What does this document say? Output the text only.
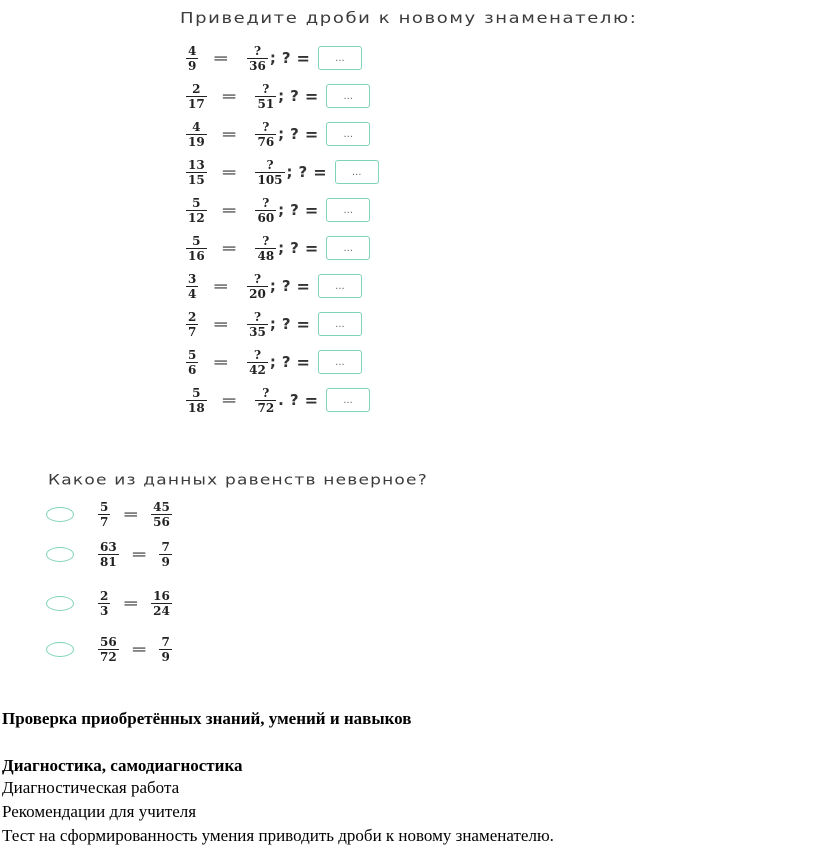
Приведите дроби к новому знаменателю:
$\frac{4}{9} = \frac{?}{36}$ ; ? =	...
$\frac{2}{17} = \frac{?}{51}$ ; ? =	...
$\frac{4}{19} = \frac{?}{76}$ ; ? =	...
$\frac{13}{15} = \frac{?}{105}$ ; ? =	...
$\frac{5}{12} = \frac{?}{60}$ ; ? =	...
$\frac{5}{16} = \frac{?}{48}$ ; ? =	...
$\frac{3}{4} = \frac{?}{20}$ ; ? =	...
$\frac{2}{7} = \frac{?}{35}$ ; ? =	...
$\frac{5}{6} = \frac{?}{42}$ ; ? =	...
$\frac{5}{18} = \frac{?}{72}$ . ? =	...
Какое из данных равенств неверное?
$\frac{5}{7} = \frac{45}{56}$
$\frac{63}{81} = \frac{7}{9}$
$\frac{2}{3} = \frac{16}{24}$
$\frac{56}{72} = \frac{7}{9}$
Проверка приобретённых знаний, умений и навыков
Диагностика, самодиагностика
Диагностическая работа
Рекомендации для учителя
Тест на сформированность умения приводить дроби к новому знаменателю.
